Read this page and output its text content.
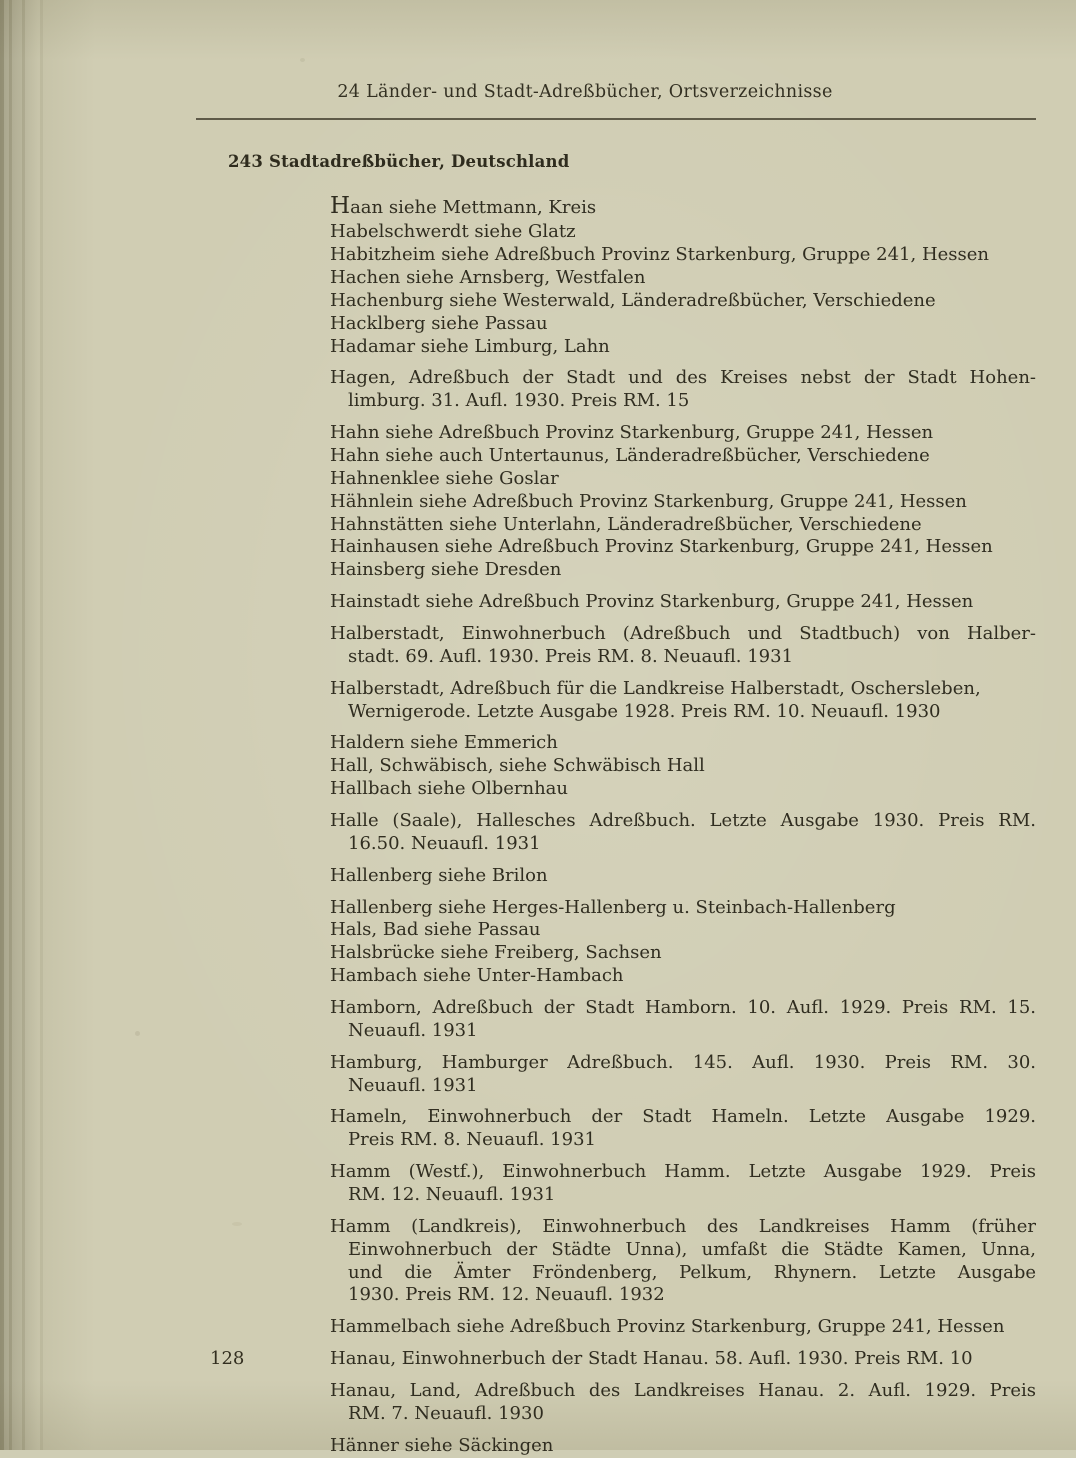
24 Länder- und Stadt-Adreßbücher, Ortsverzeichnisse
243 Stadtadreßbücher, Deutschland
Haan siehe Mettmann, Kreis
Habelschwerdt siehe Glatz
Habitzheim siehe Adreßbuch Provinz Starkenburg, Gruppe 241, Hessen
Hachen siehe Arnsberg, Westfalen
Hachenburg siehe Westerwald, Länderadreßbücher, Verschiedene
Hacklberg siehe Passau
Hadamar siehe Limburg, Lahn
Hagen, Adreßbuch der Stadt und des Kreises nebst der Stadt Hohen-
limburg. 31. Aufl. 1930. Preis RM. 15
Hahn siehe Adreßbuch Provinz Starkenburg, Gruppe 241, Hessen
Hahn siehe auch Untertaunus, Länderadreßbücher, Verschiedene
Hahnenklee siehe Goslar
Hähnlein siehe Adreßbuch Provinz Starkenburg, Gruppe 241, Hessen
Hahnstätten siehe Unterlahn, Länderadreßbücher, Verschiedene
Hainhausen siehe Adreßbuch Provinz Starkenburg, Gruppe 241, Hessen
Hainsberg siehe Dresden
Hainstadt siehe Adreßbuch Provinz Starkenburg, Gruppe 241, Hessen
Halberstadt, Einwohnerbuch (Adreßbuch und Stadtbuch) von Halber-
stadt. 69. Aufl. 1930. Preis RM. 8. Neuaufl. 1931
Halberstadt, Adreßbuch für die Landkreise Halberstadt, Oschersleben,
Wernigerode. Letzte Ausgabe 1928. Preis RM. 10. Neuaufl. 1930
Haldern siehe Emmerich
Hall, Schwäbisch, siehe Schwäbisch Hall
Hallbach siehe Olbernhau
Halle (Saale), Hallesches Adreßbuch. Letzte Ausgabe 1930. Preis RM.
16.50. Neuaufl. 1931
Hallenberg siehe Brilon
Hallenberg siehe Herges-Hallenberg u. Steinbach-Hallenberg
Hals, Bad siehe Passau
Halsbrücke siehe Freiberg, Sachsen
Hambach siehe Unter-Hambach
Hamborn, Adreßbuch der Stadt Hamborn. 10. Aufl. 1929. Preis RM. 15.
Neuaufl. 1931
Hamburg, Hamburger Adreßbuch. 145. Aufl. 1930. Preis RM. 30.
Neuaufl. 1931
Hameln, Einwohnerbuch der Stadt Hameln. Letzte Ausgabe 1929.
Preis RM. 8. Neuaufl. 1931
Hamm (Westf.), Einwohnerbuch Hamm. Letzte Ausgabe 1929. Preis
RM. 12. Neuaufl. 1931
Hamm (Landkreis), Einwohnerbuch des Landkreises Hamm (früher
Einwohnerbuch der Städte Unna), umfaßt die Städte Kamen, Unna,
und die Ämter Fröndenberg, Pelkum, Rhynern. Letzte Ausgabe
1930. Preis RM. 12. Neuaufl. 1932
Hammelbach siehe Adreßbuch Provinz Starkenburg, Gruppe 241, Hessen
Hanau, Einwohnerbuch der Stadt Hanau. 58. Aufl. 1930. Preis RM. 10
Hanau, Land, Adreßbuch des Landkreises Hanau. 2. Aufl. 1929. Preis
RM. 7. Neuaufl. 1930
Hänner siehe Säckingen
128
